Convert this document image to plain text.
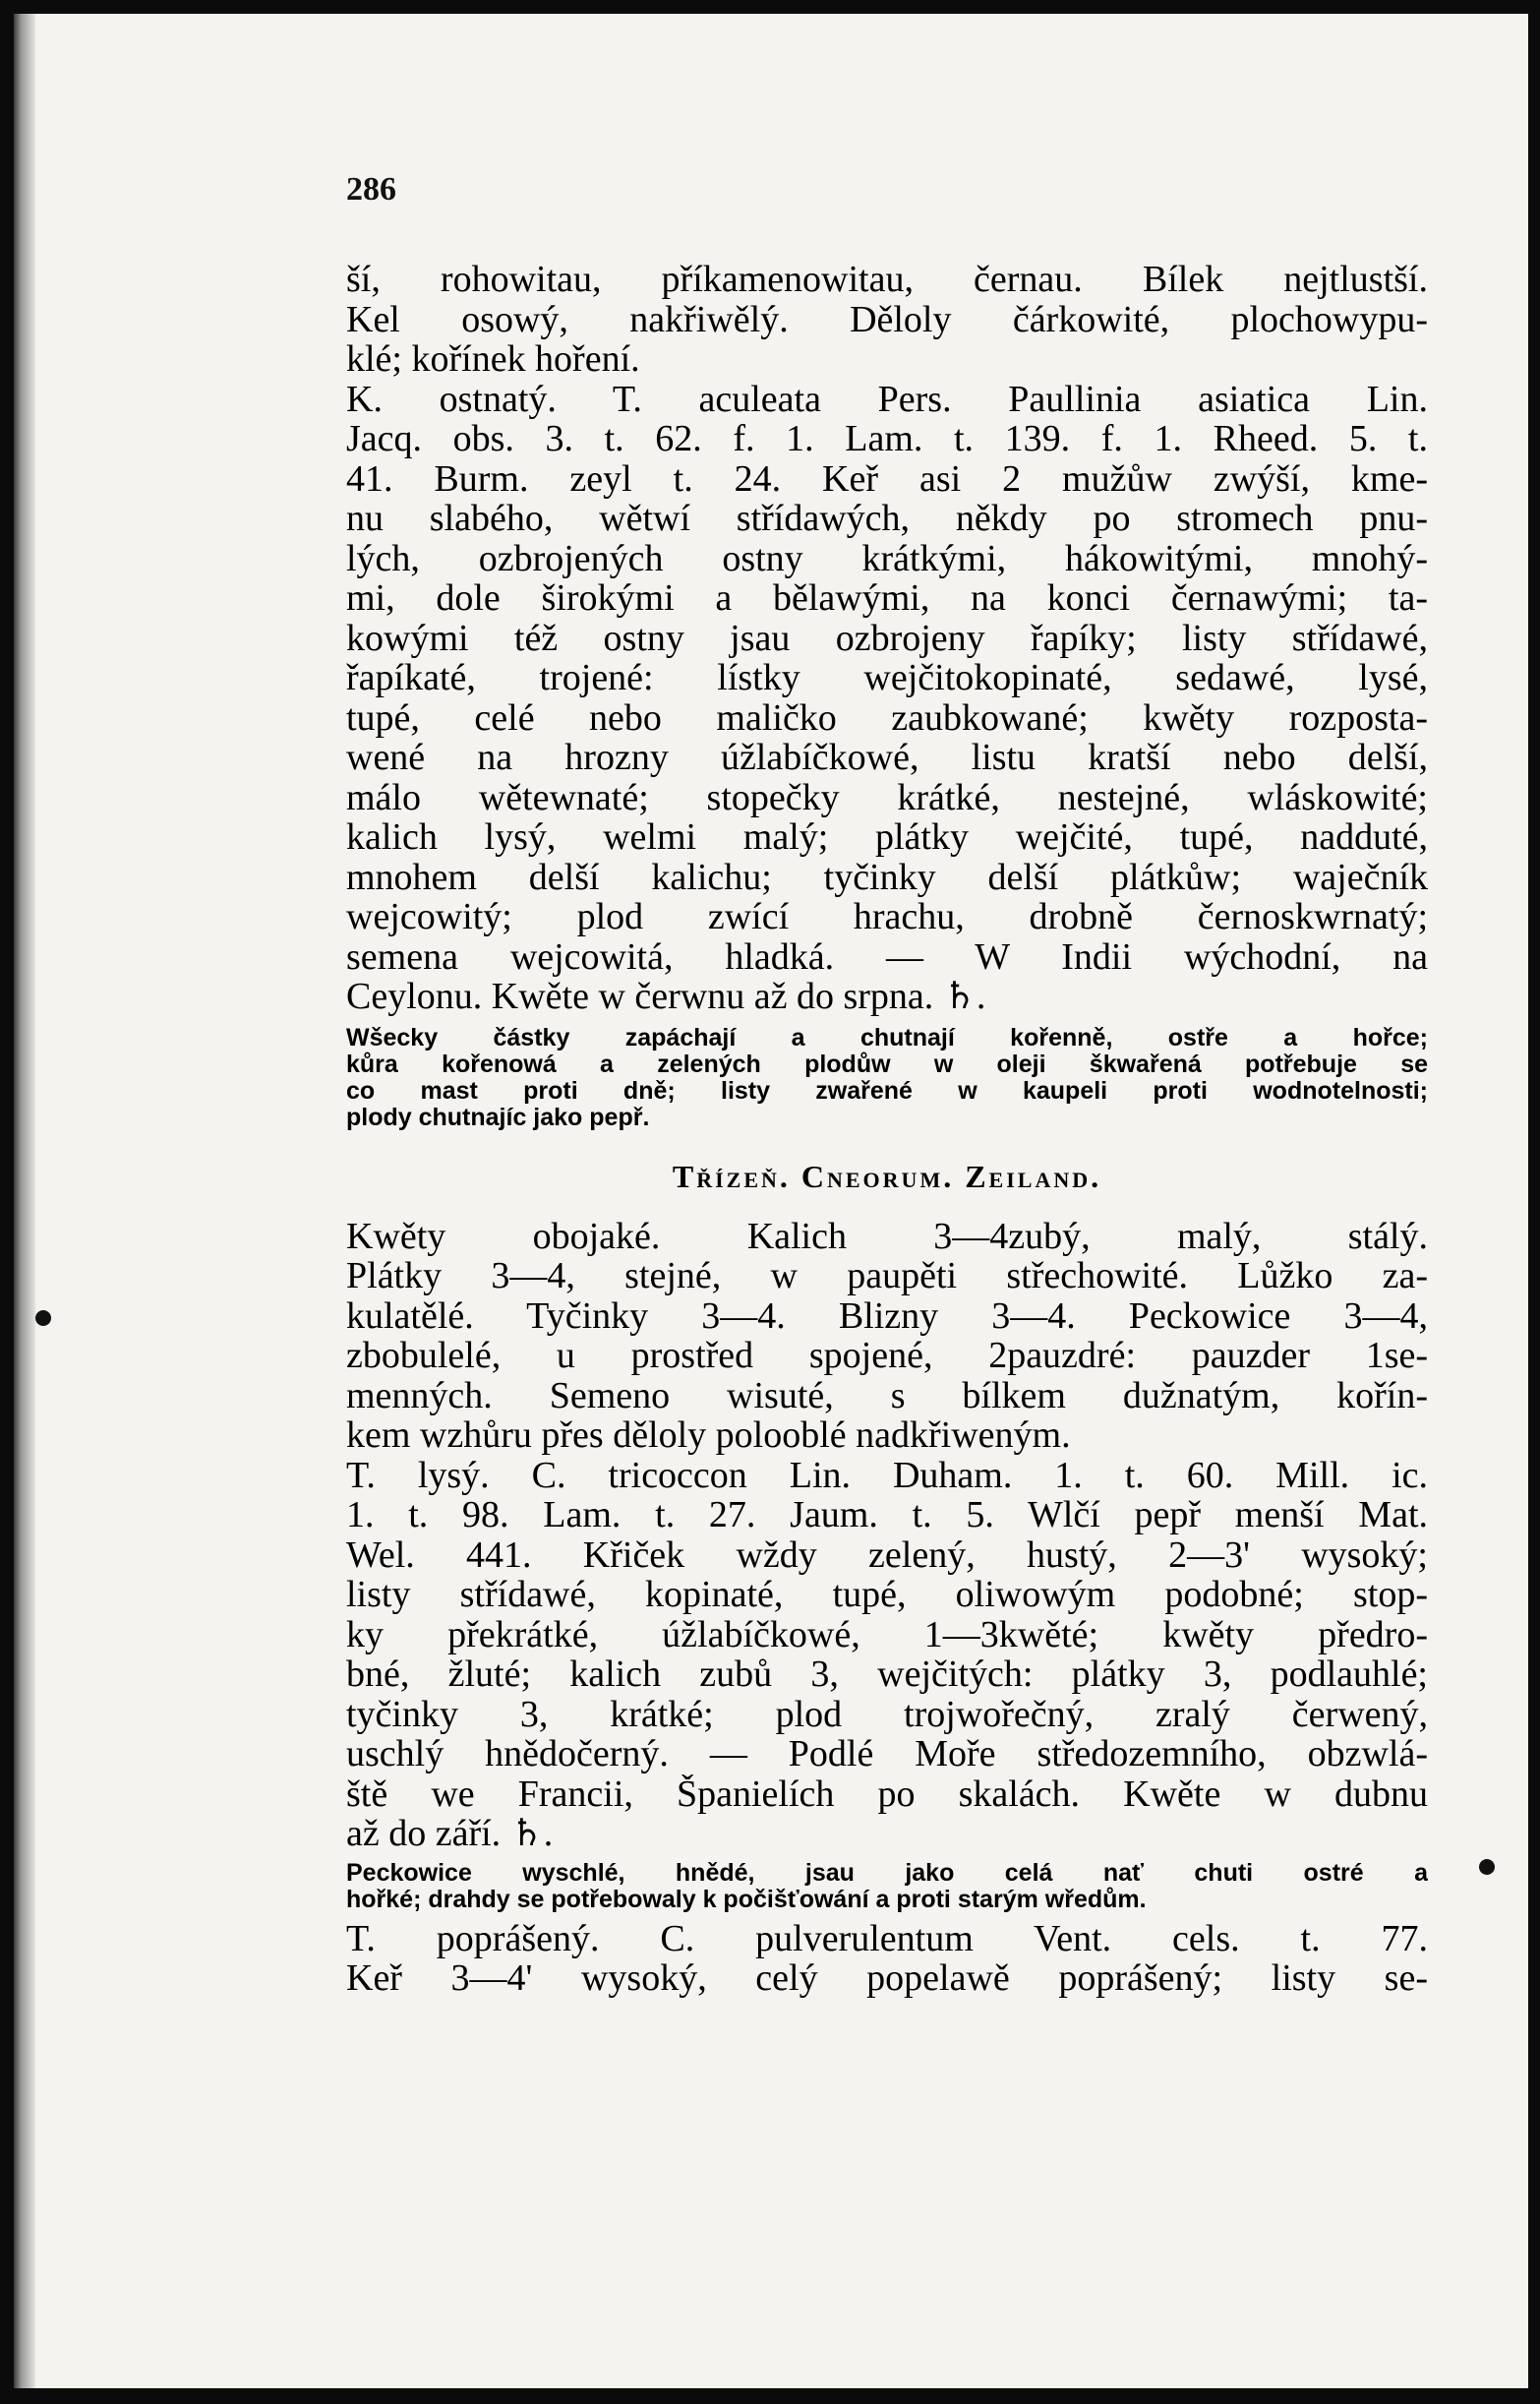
286
ší, rohowitau, příkamenowitau, černau. Bílek nejtlustší.
Kel osowý, nakřiwělý. Děloly čárkowité, plochowypu-
klé; kořínek hoření.
K. ostnatý. T. aculeata Pers. Paullinia asiatica Lin.
Jacq. obs. 3. t. 62. f. 1. Lam. t. 139. f. 1. Rheed. 5. t.
41. Burm. zeyl t. 24. Keř asi 2 mužůw zwýší, kme-
nu slabého, wětwí střídawých, někdy po stromech pnu-
lých, ozbrojených ostny krátkými, hákowitými, mnohý-
mi, dole širokými a bělawými, na konci černawými; ta-
kowými též ostny jsau ozbrojeny řapíky; listy střídawé,
řapíkaté, trojené: lístky wejčitokopinaté, sedawé, lysé,
tupé, celé nebo maličko zaubkowané; kwěty rozposta-
wené na hrozny úžlabíčkowé, listu kratší nebo delší,
málo wětewnaté; stopečky krátké, nestejné, wláskowité;
kalich lysý, welmi malý; plátky wejčité, tupé, nadduté,
mnohem delší kalichu; tyčinky delší plátkůw; waječník
wejcowitý; plod zwící hrachu, drobně černoskwrnatý;
semena wejcowitá, hladká. — W Indii wýchodní, na
Ceylonu. Kwěte w čerwnu až do srpna. ♄.
Wšecky částky zapáchají a chutnají kořenně, ostře a hořce;
kůra kořenowá a zelených plodůw w oleji škwařená potřebuje se
co mast proti dně; listy zwařené w kaupeli proti wodnotelnosti;
plody chutnajíc jako pepř.
Třízeň. Cneorum. Zeiland.
Kwěty obojaké. Kalich 3—4zubý, malý, stálý.
Plátky 3—4, stejné, w paupěti střechowité. Lůžko za-
kulatělé. Tyčinky 3—4. Blizny 3—4. Peckowice 3—4,
zbobulelé, u prostřed spojené, 2pauzdré: pauzder 1se-
menných. Semeno wisuté, s bílkem dužnatým, kořín-
kem wzhůru přes děloly polooblé nadkřiweným.
T. lysý. C. tricoccon Lin. Duham. 1. t. 60. Mill. ic.
1. t. 98. Lam. t. 27. Jaum. t. 5. Wlčí pepř menší Mat.
Wel. 441. Křiček wždy zelený, hustý, 2—3' wysoký;
listy střídawé, kopinaté, tupé, oliwowým podobné; stop-
ky překrátké, úžlabíčkowé, 1—3kwěté; kwěty předro-
bné, žluté; kalich zubů 3, wejčitých: plátky 3, podlauhlé;
tyčinky 3, krátké; plod trojwořečný, zralý čerwený,
uschlý hnědočerný. — Podlé Moře středozemního, obzwlá-
ště we Francii, Španielích po skalách. Kwěte w dubnu
až do září. ♄.
Peckowice wyschlé, hnědé, jsau jako celá nať chuti ostré a
hořké; drahdy se potřebowaly k počišťowání a proti starým wředům.
T. poprášený. C. pulverulentum Vent. cels. t. 77.
Keř 3—4' wysoký, celý popelawě poprášený; listy se-
